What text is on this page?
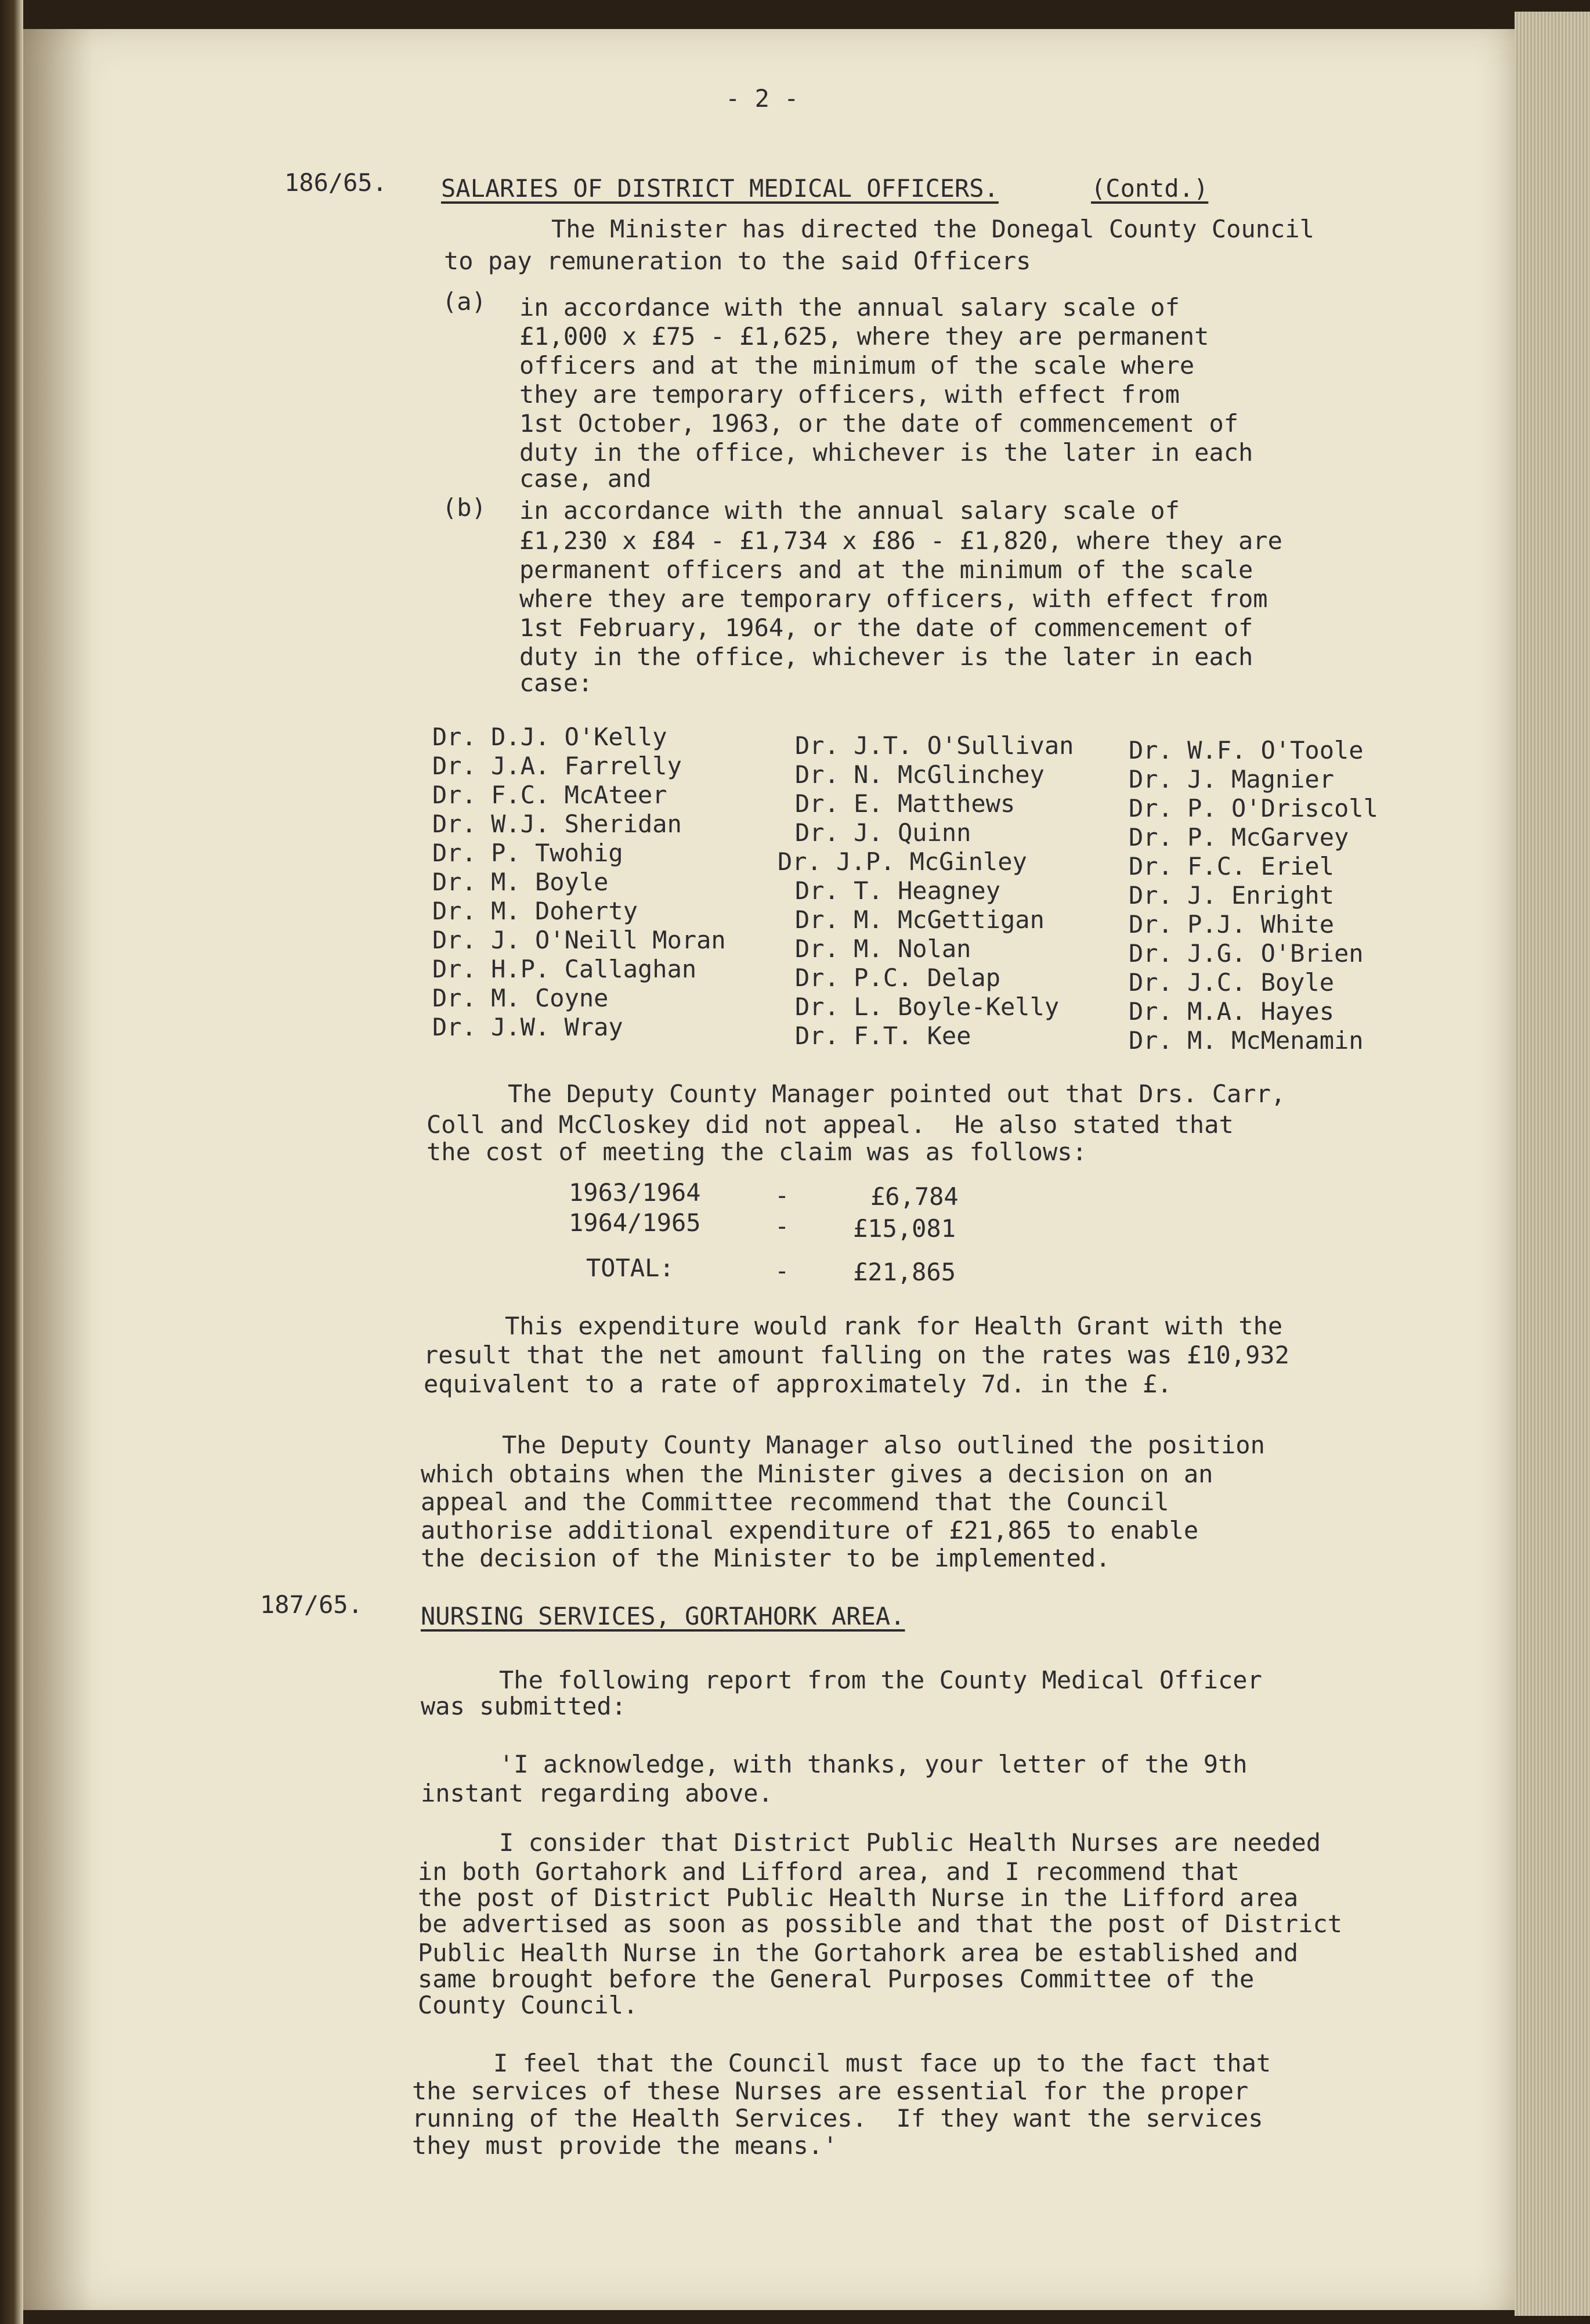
- 2 -
186/65. SALARIES OF DISTRICT MEDICAL OFFICERS.	(Contd.)
The Minister has directed the Donegal County Council
to pay remuneration to the said Officers
(a) in accordance with the annual salary scale of
£1,000 x £75 - £1,625, where they are permanent
officers and at the minimum of the scale where
they are temporary officers, with effect from
1st October, 1963, or the date of commencement of
duty in the office, whichever is the later in each
case, and
(b) in accordance with the annual salary scale of
£1,230 x £84 - £1,734 x £86 - £1,820, where they are
permanent officers and at the minimum of the scale
where they are temporary officers, with effect from
1st February, 1964, or the date of commencement of
duty in the office, whichever is the later in each
case:
Dr. D.J. O'Kelly
Dr. J.A. Farrelly
Dr. F.C. McAteer
Dr. W.J. Sheridan
Dr. P. Twohig
Dr. M. Boyle
Dr. M. Doherty
Dr. J. O'Neill Moran
Dr. H.P. Callaghan
Dr. M. Coyne
Dr. J.W. Wray
Dr. J.T. O'Sullivan
Dr. N. McGlinchey
Dr. E. Matthews
Dr. J. Quinn
Dr. J.P. McGinley
Dr. T. Heagney
Dr. M. McGettigan
Dr. M. Nolan
Dr. P.C. Delap
Dr. L. Boyle-Kelly
Dr. F.T. Kee
Dr. W.F. O'Toole
Dr. J. Magnier
Dr. P. O'Driscoll
Dr. P. McGarvey
Dr. F.C. Eriel
Dr. J. Enright
Dr. P.J. White
Dr. J.G. O'Brien
Dr. J.C. Boyle
Dr. M.A. Hayes
Dr. M. McMenamin
The Deputy County Manager pointed out that Drs. Carr,
Coll and McCloskey did not appeal.  He also stated that
the cost of meeting the claim was as follows:
1963/1964	-	£6,784
1964/1965	-	£15,081
TOTAL:	-	£21,865
This expenditure would rank for Health Grant with the
result that the net amount falling on the rates was £10,932
equivalent to a rate of approximately 7d. in the £.
The Deputy County Manager also outlined the position
which obtains when the Minister gives a decision on an
appeal and the Committee recommend that the Council
authorise additional expenditure of £21,865 to enable
the decision of the Minister to be implemented.
187/65. NURSING SERVICES, GORTAHORK AREA.
The following report from the County Medical Officer
was submitted:
'I acknowledge, with thanks, your letter of the 9th
instant regarding above.
I consider that District Public Health Nurses are needed
in both Gortahork and Lifford area, and I recommend that
the post of District Public Health Nurse in the Lifford area
be advertised as soon as possible and that the post of District
Public Health Nurse in the Gortahork area be established and
same brought before the General Purposes Committee of the
County Council.
I feel that the Council must face up to the fact that
the services of these Nurses are essential for the proper
running of the Health Services.  If they want the services
they must provide the means.'
